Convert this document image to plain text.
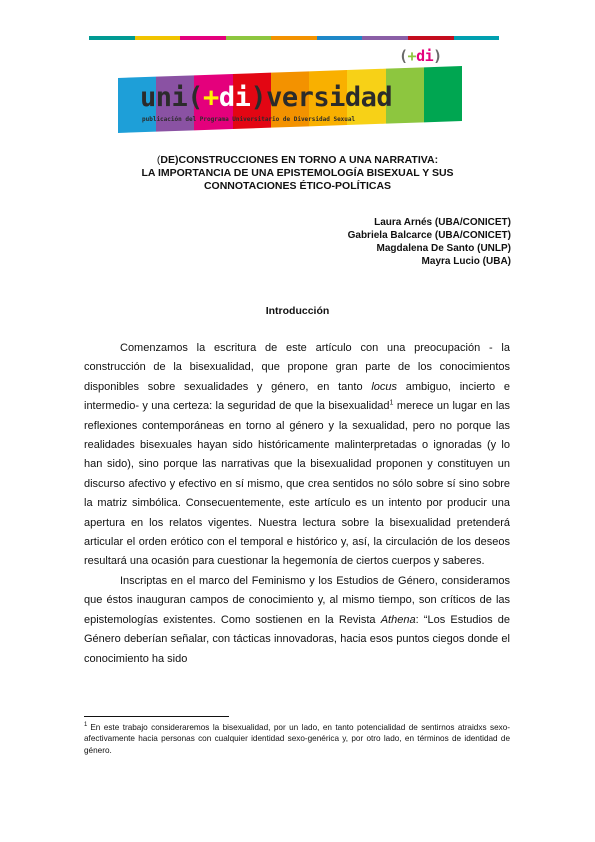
(+di)
uni(+di)versidad
publicación del Programa Universitario de Diversidad Sexual
(DE)CONSTRUCCIONES EN TORNO A UNA NARRATIVA:
LA IMPORTANCIA DE UNA EPISTEMOLOGÍA BISEXUAL Y SUS
CONNOTACIONES ÉTICO-POLÍTICAS
Laura Arnés (UBA/CONICET)
Gabriela Balcarce (UBA/CONICET)
Magdalena De Santo (UNLP)
Mayra Lucio (UBA)
Introducción

Comenzamos la escritura de este artículo con una preocupación - la construcción de la bisexualidad, que propone gran parte de los conocimientos disponibles sobre sexualidades y género, en tanto locus ambiguo, incierto e intermedio- y una certeza: la seguridad de que la bisexualidad$^1$ merece un lugar en las reflexiones contemporáneas en torno al género y la sexualidad, pero no porque las realidades bisexuales hayan sido históricamente malinterpretadas o ignoradas (y lo han sido), sino porque las narrativas que la bisexualidad proponen y constituyen un discurso afectivo y efectivo en sí mismo, que crea sentidos no sólo sobre sí sino sobre la matriz simbólica. Consecuentemente, este artículo es un intento por producir una apertura en los relatos vigentes. Nuestra lectura sobre la bisexualidad pretenderá articular el orden erótico con el temporal e histórico y, así, la circulación de los deseos resultará una ocasión para cuestionar la hegemonía de ciertos cuerpos y saberes.

Inscriptas en el marco del Feminismo y los Estudios de Género, consideramos que éstos inauguran campos de conocimiento y, al mismo tiempo, son críticos de las epistemologías existentes. Como sostienen en la Revista Athena: “Los Estudios de Género deberían señalar, con tácticas innovadoras, hacia esos puntos ciegos donde el conocimiento ha sido

$^1$ En este trabajo consideraremos la bisexualidad, por un lado, en tanto potencialidad de sentirnos atraidxs sexo-afectivamente hacia personas con cualquier identidad sexo-genérica y, por otro lado, en términos de identidad de género.
